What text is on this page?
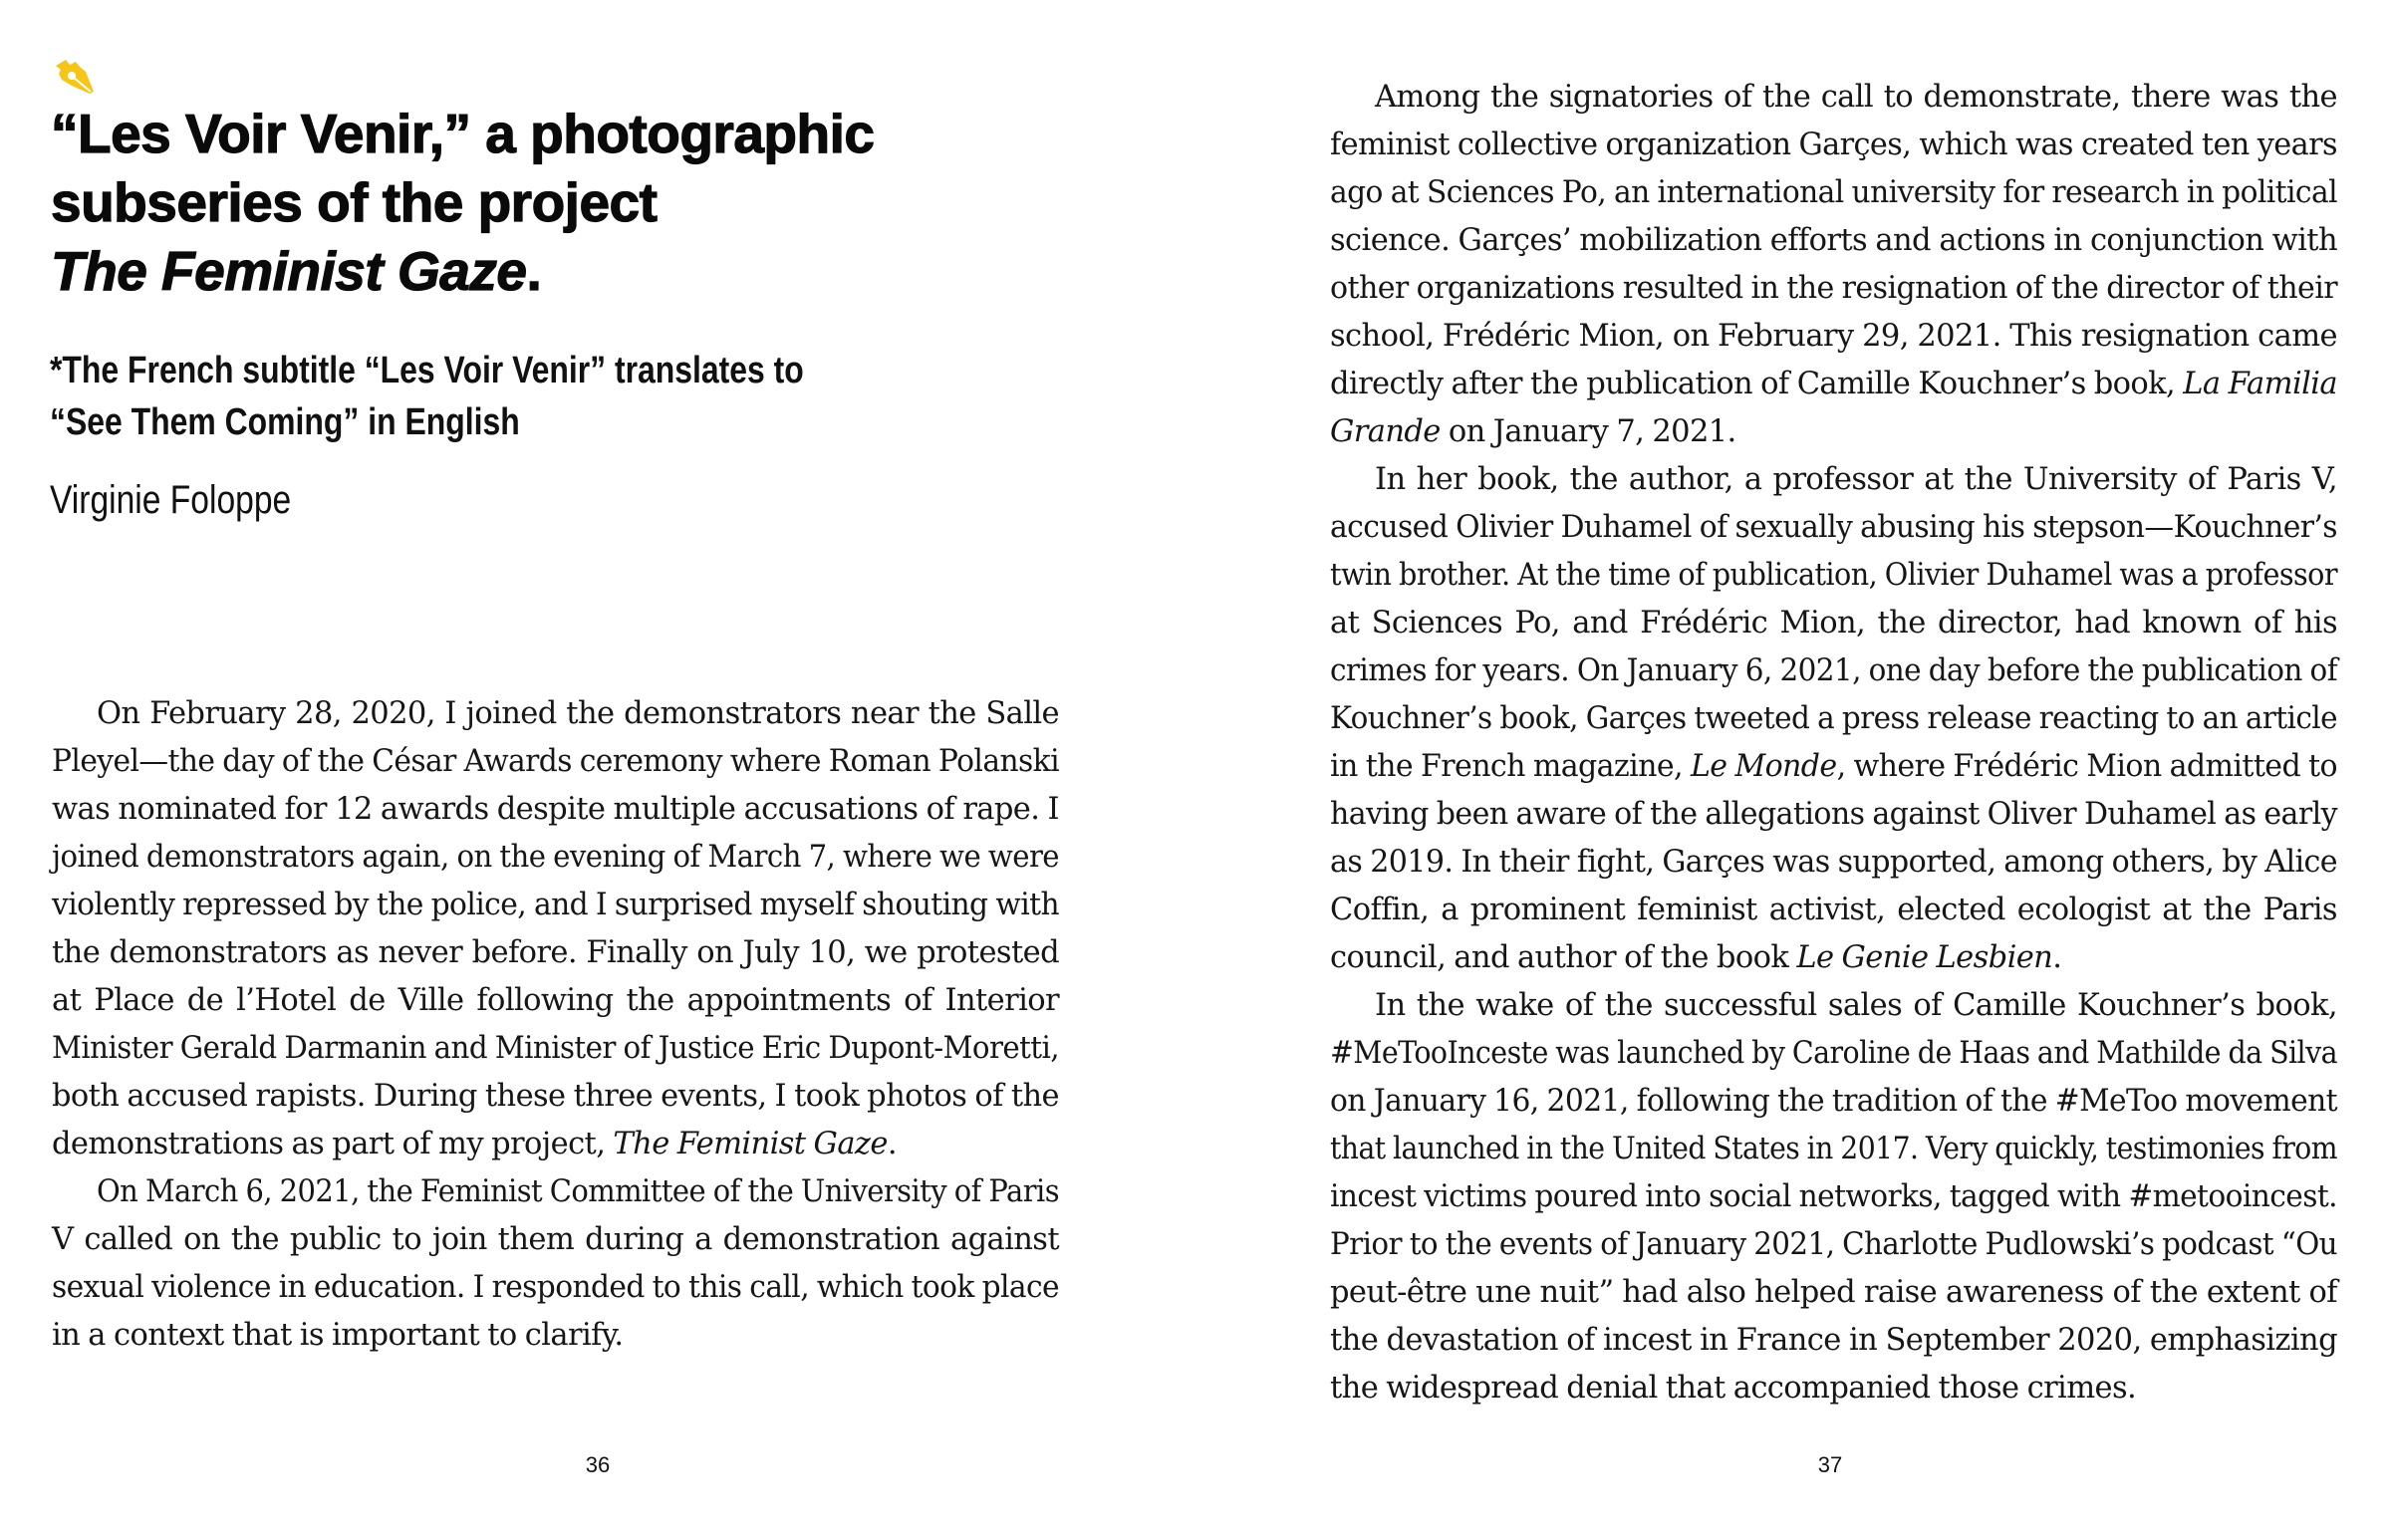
“Les Voir Venir,” a photographic
subseries of the project
The Feminist Gaze.
*The French subtitle “Les Voir Venir” translates to
“See Them Coming” in English
Virginie Foloppe
On February 28, 2020, I joined the demonstrators near the Salle
Pleyel—the day of the César Awards ceremony where Roman Polanski
was nominated for 12 awards despite multiple accusations of rape. I
joined demonstrators again, on the evening of March 7, where we were
violently repressed by the police, and I surprised myself shouting with
the demonstrators as never before. Finally on July 10, we protested
at Place de l’Hotel de Ville following the appointments of Interior
Minister Gerald Darmanin and Minister of Justice Eric Dupont-Moretti,
both accused rapists. During these three events, I took photos of the
demonstrations as part of my project, The Feminist Gaze.
On March 6, 2021, the Feminist Committee of the University of Paris
V called on the public to join them during a demonstration against
sexual violence in education. I responded to this call, which took place
in a context that is important to clarify.
36
Among the signatories of the call to demonstrate, there was the
feminist collective organization Garçes, which was created ten years
ago at Sciences Po, an international university for research in political
science. Garçes’ mobilization efforts and actions in conjunction with
other organizations resulted in the resignation of the director of their
school, Frédéric Mion, on February 29, 2021. This resignation came
directly after the publication of Camille Kouchner’s book, La Familia
Grande on January 7, 2021.
In her book, the author, a professor at the University of Paris V,
accused Olivier Duhamel of sexually abusing his stepson—Kouchner’s
twin brother. At the time of publication, Olivier Duhamel was a professor
at Sciences Po, and Frédéric Mion, the director, had known of his
crimes for years. On January 6, 2021, one day before the publication of
Kouchner’s book, Garçes tweeted a press release reacting to an article
in the French magazine, Le Monde, where Frédéric Mion admitted to
having been aware of the allegations against Oliver Duhamel as early
as 2019. In their fight, Garçes was supported, among others, by Alice
Coffin, a prominent feminist activist, elected ecologist at the Paris
council, and author of the book Le Genie Lesbien.
In the wake of the successful sales of Camille Kouchner’s book,
#MeTooInceste was launched by Caroline de Haas and Mathilde da Silva
on January 16, 2021, following the tradition of the #MeToo movement
that launched in the United States in 2017. Very quickly, testimonies from
incest victims poured into social networks, tagged with #metooincest.
Prior to the events of January 2021, Charlotte Pudlowski’s podcast “Ou
peut-être une nuit” had also helped raise awareness of the extent of
the devastation of incest in France in September 2020, emphasizing
the widespread denial that accompanied those crimes.
37
